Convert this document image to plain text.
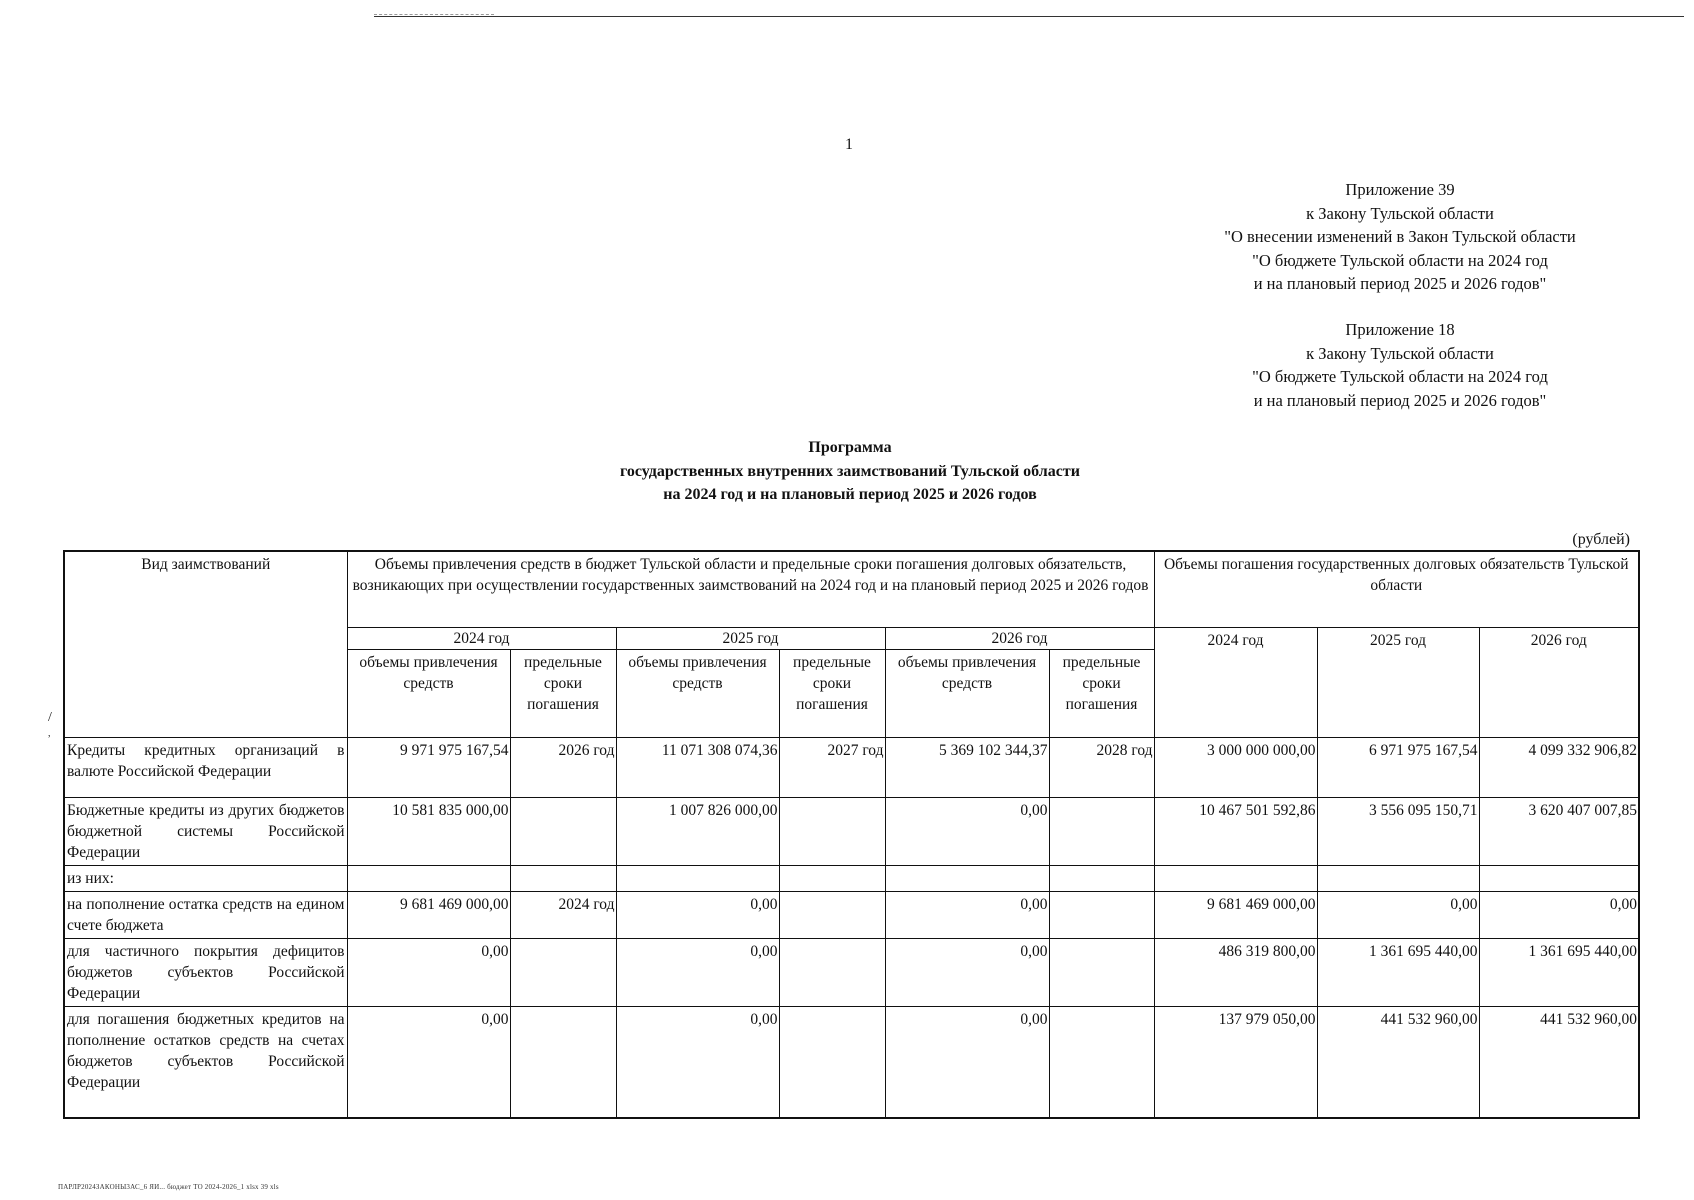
1
Приложение 39
к Закону Тульской области
"О внесении изменений в Закон Тульской области
"О бюджете Тульской области на 2024 год
и на плановый период 2025 и 2026 годов"
Приложение 18
к Закону Тульской области
"О бюджете Тульской области на 2024 год
и на плановый период 2025 и 2026 годов"
Программа
государственных внутренних заимствований Тульской области
на 2024 год и на плановый период 2025 и 2026 годов
(рублей)
/
,
Вид заимствований	Объемы привлечения средств в бюджет Тульской области и предельные сроки погашения долговых обязательств, возникающих при осуществлении государственных заимствований на 2024 год и на плановый период 2025 и 2026 годов						Объемы погашения государственных долговых обязательств Тульской области		
	2024 год		2025 год		2026 год		2024 год	2025 год	2026 год
	объемы привлечения средств	предельные сроки погашения	объемы привлечения средств	предельные сроки погашения	объемы привлечения средств	предельные сроки погашения			
Кредиты кредитных организаций в валюте Российской Федерации	9 971 975 167,54	2026 год	11 071 308 074,36	2027 год	5 369 102 344,37	2028 год	3 000 000 000,00	6 971 975 167,54	4 099 332 906,82
Бюджетные кредиты из других бюджетов бюджетной системы Российской Федерации	10 581 835 000,00		1 007 826 000,00		0,00		10 467 501 592,86	3 556 095 150,71	3 620 407 007,85
из них:									
на пополнение остатка средств на едином счете бюджета	9 681 469 000,00	2024 год	0,00		0,00		9 681 469 000,00	0,00	0,00
для частичного покрытия дефицитов бюджетов субъектов Российской Федерации	0,00		0,00		0,00		486 319 800,00	1 361 695 440,00	1 361 695 440,00
для погашения бюджетных кредитов на пополнение остатков средств на счетах бюджетов субъектов Российской Федерации	0,00		0,00		0,00		137 979 050,00	441 532 960,00	441 532 960,00
ПАРЛР2024ЗАКОНЫ3АС_6 ЯИ... бюджет ТО 2024-2026_1 xlsx 39 xls
